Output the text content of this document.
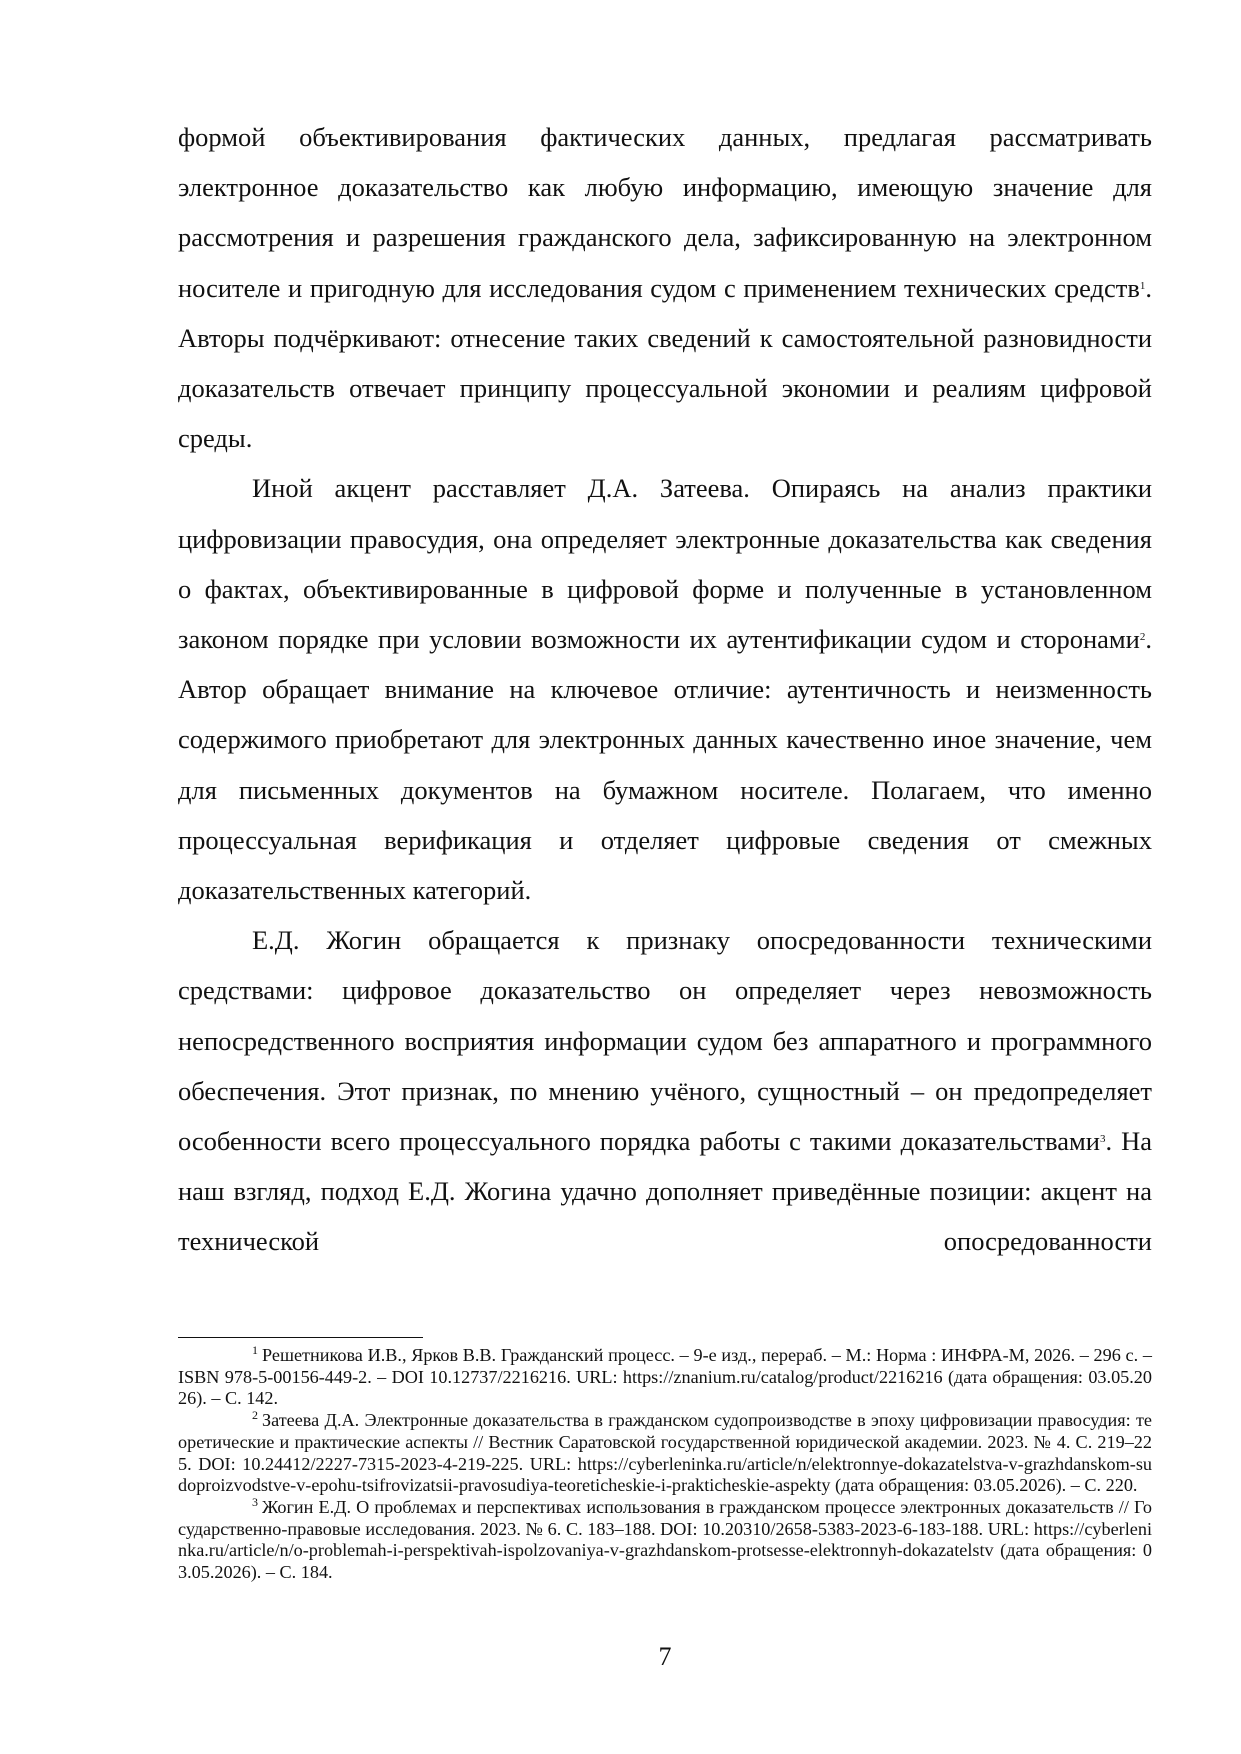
формой объективирования фактических данных, предлагая рассматривать электронное доказательство как любую информацию, имеющую значение для рассмотрения и разрешения гражданского дела, зафиксированную на электронном носителе и пригодную для исследования судом с применением технических средств$^1$. Авторы подчёркивают: отнесение таких сведений к самостоятельной разновидности доказательств отвечает принципу процессуальной экономии и реалиям цифровой среды.

Иной акцент расставляет Д.А. Затеева. Опираясь на анализ практики цифровизации правосудия, она определяет электронные доказательства как сведения о фактах, объективированные в цифровой форме и полученные в установленном законом порядке при условии возможности их аутентификации судом и сторонами$^2$. Автор обращает внимание на ключевое отличие: аутентичность и неизменность содержимого приобретают для электронных данных качественно иное значение, чем для письменных документов на бумажном носителе. Полагаем, что именно процессуальная верификация и отделяет цифровые сведения от смежных доказательственных категорий.

Е.Д. Жогин обращается к признаку опосредованности техническими средствами: цифровое доказательство он определяет через невозможность непосредственного восприятия информации судом без аппаратного и программного обеспечения. Этот признак, по мнению учёного, сущностный – он предопределяет особенности всего процессуального порядка работы с такими доказательствами$^3$. На наш взгляд, подход Е.Д. Жогина удачно дополняет приведённые позиции: акцент на технической опосредованности

$^1$ Решетникова И.В., Ярков В.В. Гражданский процесс. – 9-е изд., перераб. – М.: Норма : ИНФРА-М, 2026. – 296 с. – ISBN 978-5-00156-449-2. – DOI 10.12737/2216216. URL: https://znanium.ru/catalog/product/2216216 (дата обращения: 03.05.2026). – С. 142.

$^2$ Затеева Д.А. Электронные доказательства в гражданском судопроизводстве в эпоху цифровизации правосудия: теоретические и практические аспекты // Вестник Саратовской государственной юридической академии. 2023. № 4. С. 219–225. DOI: 10.24412/2227-7315-2023-4-219-225. URL: https://cyberleninka.ru/article/n/elektronnye-dokazatelstva-v-grazhdanskom-sudoproizvodstve-v-epohu-tsifrovizatsii-pravosudiya-teoreticheskie-i-prakticheskie-aspekty (дата обращения: 03.05.2026). – С. 220.

$^3$ Жогин Е.Д. О проблемах и перспективах использования в гражданском процессе электронных доказательств // Государственно-правовые исследования. 2023. № 6. С. 183–188. DOI: 10.20310/2658-5383-2023-6-183-188. URL: https://cyberleninka.ru/article/n/o-problemah-i-perspektivah-ispolzovaniya-v-grazhdanskom-protsesse-elektronnyh-dokazatelstv (дата обращения: 03.05.2026). – С. 184.

7
